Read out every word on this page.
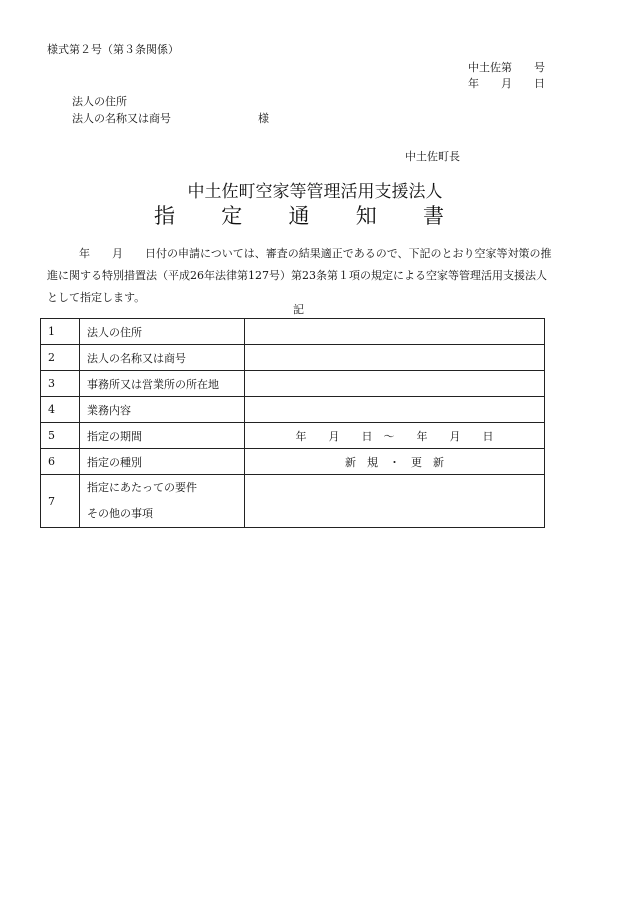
様式第２号（第３条関係）
中土佐第　　号
年　　月　　日
法人の住所
法人の名称又は商号	様
中土佐町長
中土佐町空家等管理活用支援法人
指 定 通 知 書

年　　月　　日付の申請については、審査の結果適正であるので、下記のとおり空家等対策の推進に関する特別措置法（平成26年法律第127号）第23条第１項の規定による空家等管理活用支援法人として指定します。

記
1	法人の住所	
2	法人の名称又は商号	
3	事務所又は営業所の所在地	
4	業務内容	
5	指定の期間	年　　月　　日　～　　年　　月　　日
6	指定の種別	新　規　・　更　新
7	指定にあたっての要件
その他の事項	
